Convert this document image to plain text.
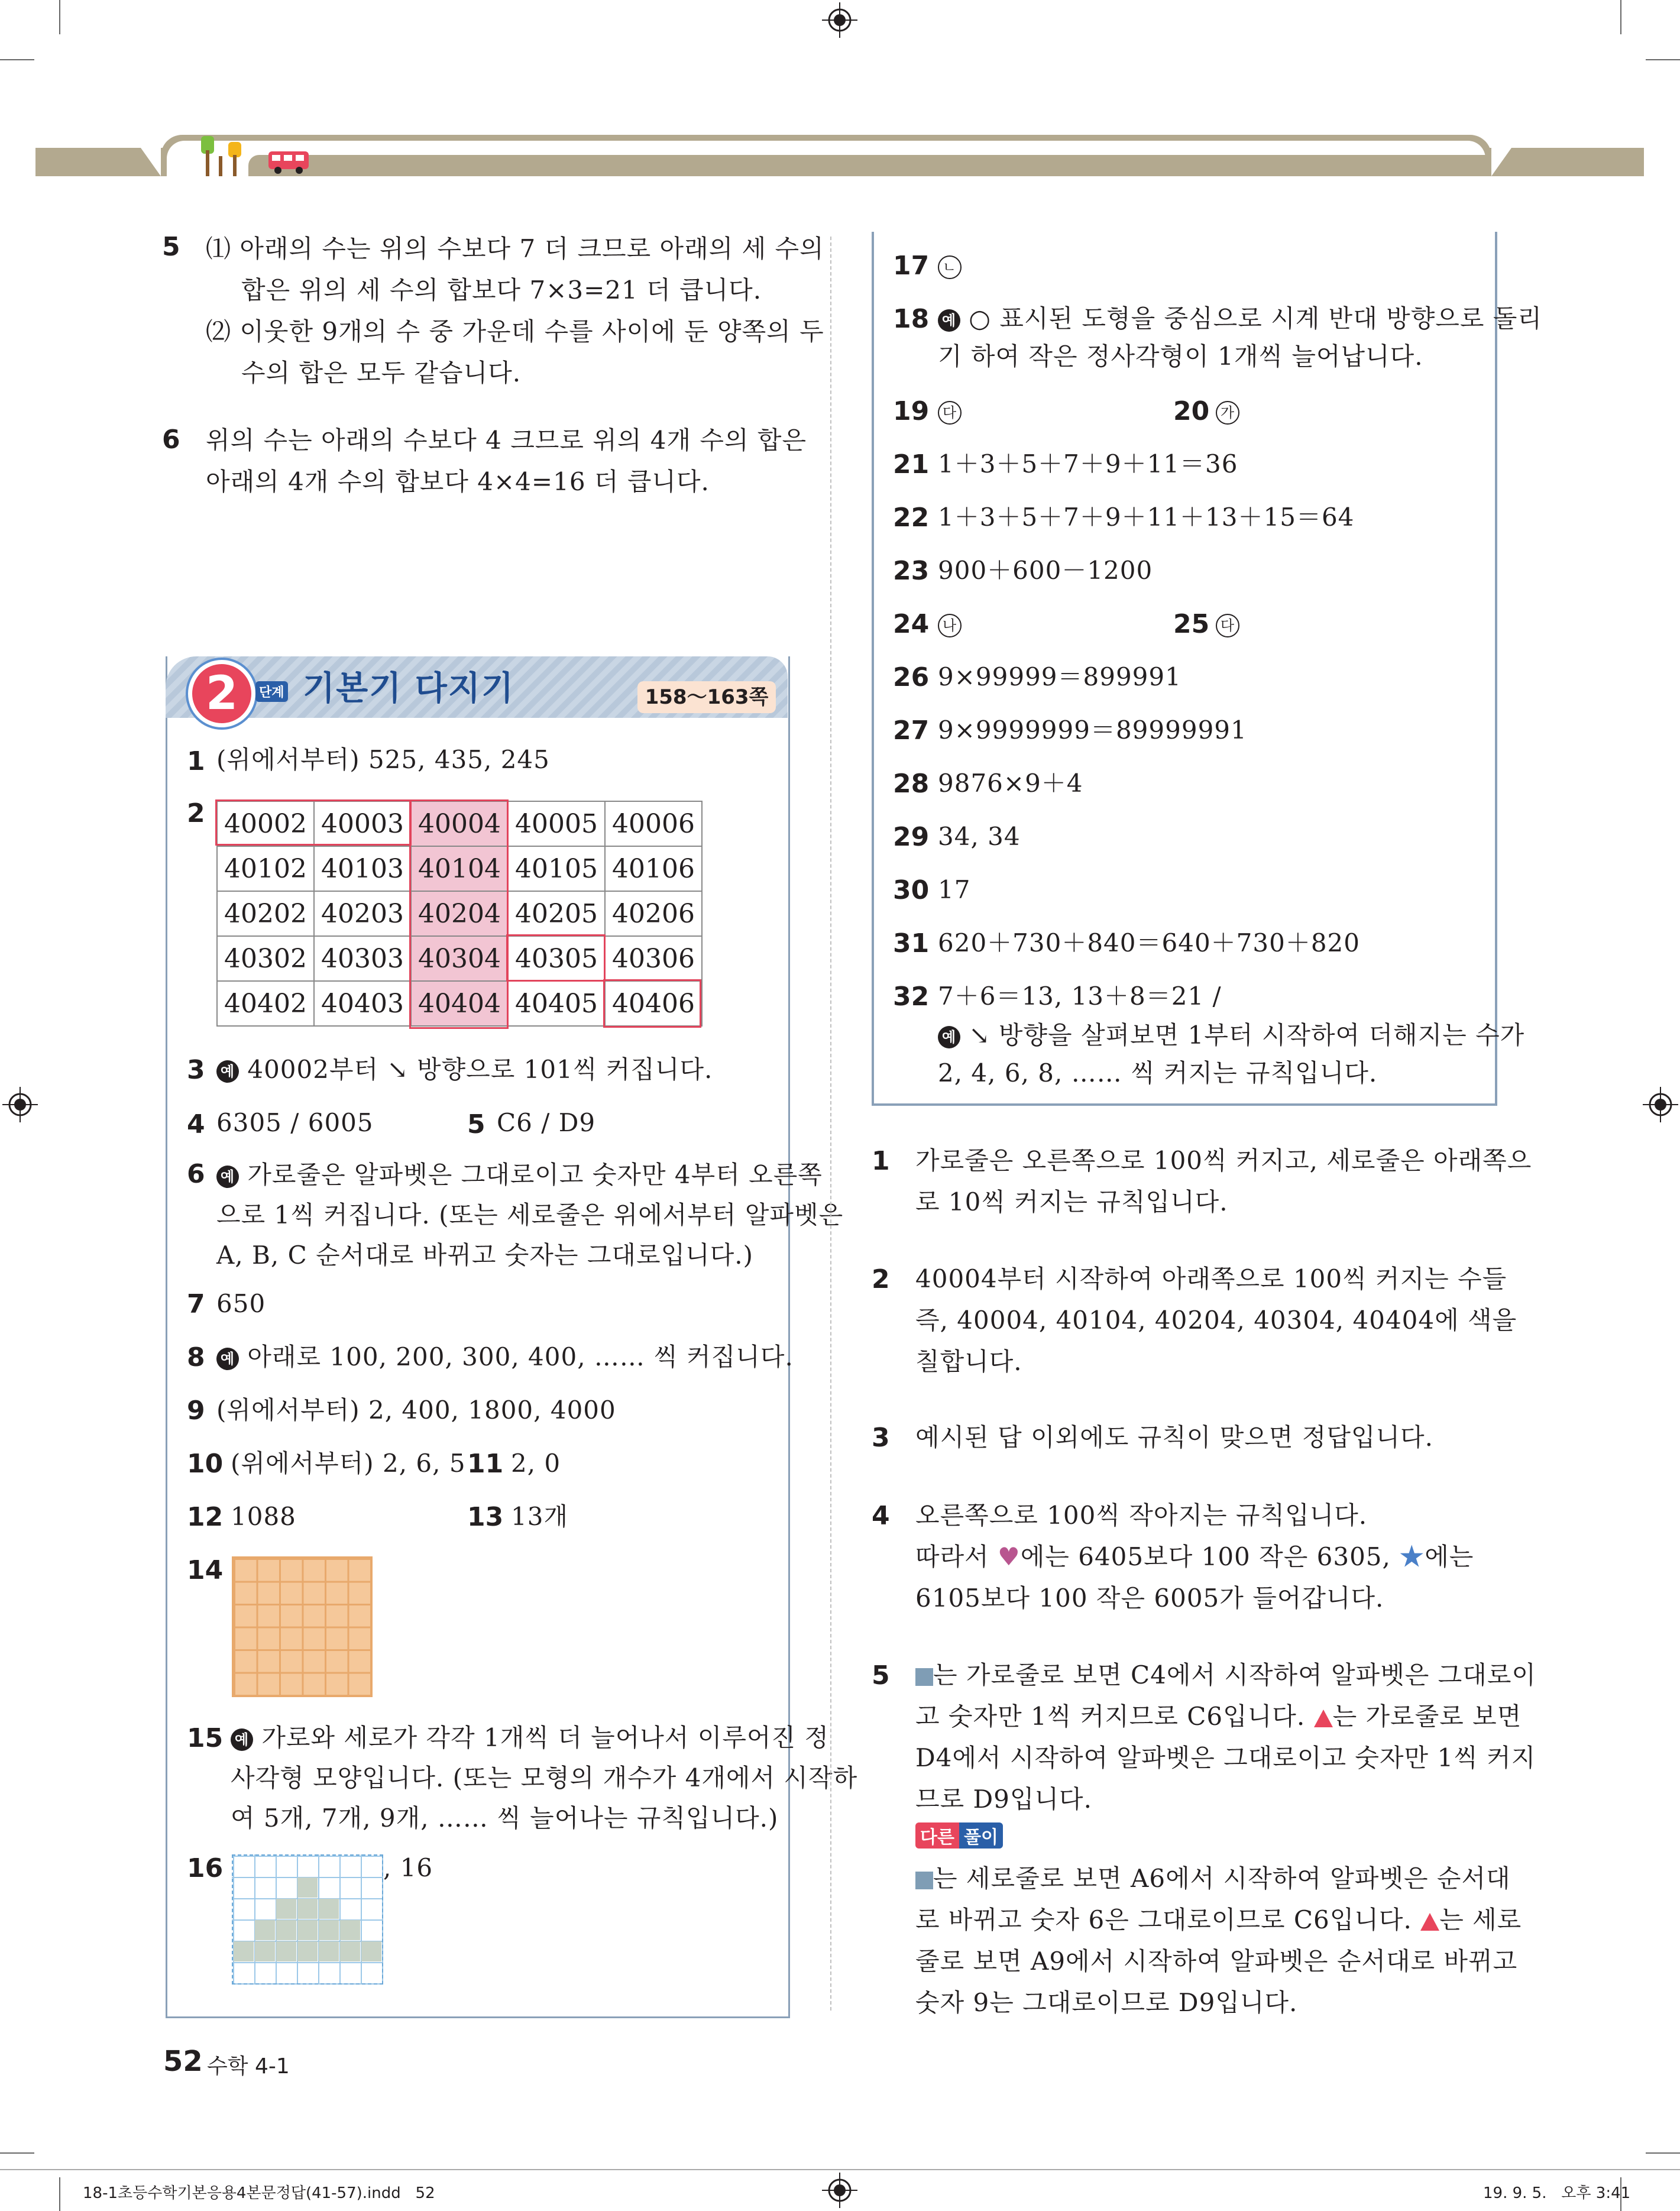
5 ⑴ 아래의 수는 위의 수보다 7 더 크므로 아래의 세 수의
합은 위의 세 수의 합보다 7×3=21 더 큽니다.
⑵ 이웃한 9개의 수 중 가운데 수를 사이에 둔 양쪽의 두
수의 합은 모두 같습니다.
6 위의 수는 아래의 수보다 4 크므로 위의 4개 수의 합은
아래의 4개 수의 합보다 4×4=16 더 큽니다.
2	단계 기본기 다지기	158～163쪽
1 (위에서부터) 525, 435, 245
2 40002	40003	40004	40005	40006
40102	40103	40104	40105	40106
40202	40203	40204	40205	40206
40302	40303	40304	40305	40306
40402	40403	40404	40405	40406
3 예 40002부터 ↘ 방향으로 101씩 커집니다.
4 6305 / 6005	5 C6 / D9
6 예 가로줄은 알파벳은 그대로이고 숫자만 4부터 오른쪽
으로 1씩 커집니다. (또는 세로줄은 위에서부터 알파벳은
A, B, C 순서대로 바뀌고 숫자는 그대로입니다.)
7 650
8 예 아래로 100, 200, 300, 400, …… 씩 커집니다.
9 (위에서부터) 2, 400, 1800, 4000
10 (위에서부터) 2, 6, 5 11 2, 0
12 1088	13 13개
14
15 예 가로와 세로가 각각 1개씩 더 늘어나서 이루어진 정
사각형 모양입니다. (또는 모형의 개수가 4개에서 시작하
여 5개, 7개, 9개, …… 씩 늘어나는 규칙입니다.)
16	, 16
17 ㄴ
18 예 ○ 표시된 도형을 중심으로 시계 반대 방향으로 돌리
기 하여 작은 정사각형이 1개씩 늘어납니다.
19 다	20 가
21 1＋3＋5＋7＋9＋11＝36
22 1＋3＋5＋7＋9＋11＋13＋15＝64
23 900＋600－1200
24 나	25 다
26 9×99999＝899991
27 9×9999999＝89999991
28 9876×9＋4
29 34, 34
30 17
31 620＋730＋840＝640＋730＋820
32 7＋6＝13, 13＋8＝21 /
예 ↘ 방향을 살펴보면 1부터 시작하여 더해지는 수가
2, 4, 6, 8, …… 씩 커지는 규칙입니다.
1 가로줄은 오른쪽으로 100씩 커지고, 세로줄은 아래쪽으
로 10씩 커지는 규칙입니다.
2 40004부터 시작하여 아래쪽으로 100씩 커지는 수들
즉, 40004, 40104, 40204, 40304, 40404에 색을
칠합니다.
3 예시된 답 이외에도 규칙이 맞으면 정답입니다.
4 오른쪽으로 100씩 작아지는 규칙입니다.
따라서 ♥에는 6405보다 100 작은 6305, ★에는
6105보다 100 작은 6005가 들어갑니다.
5	는 가로줄로 보면 C4에서 시작하여 알파벳은 그대로이
고 숫자만 1씩 커지므로 C6입니다. 는 가로줄로 보면
D4에서 시작하여 알파벳은 그대로이고 숫자만 1씩 커지
므로 D9입니다.
다른 풀이
는 세로줄로 보면 A6에서 시작하여 알파벳은 순서대
로 바뀌고 숫자 6은 그대로이므로 C6입니다. 는 세로
줄로 보면 A9에서 시작하여 알파벳은 순서대로 바뀌고
숫자 9는 그대로이므로 D9입니다.
52 수학 4-1
18-1초등수학기본응용4본문정답(41-57).indd   52	19. 9. 5.   오후 3:41
